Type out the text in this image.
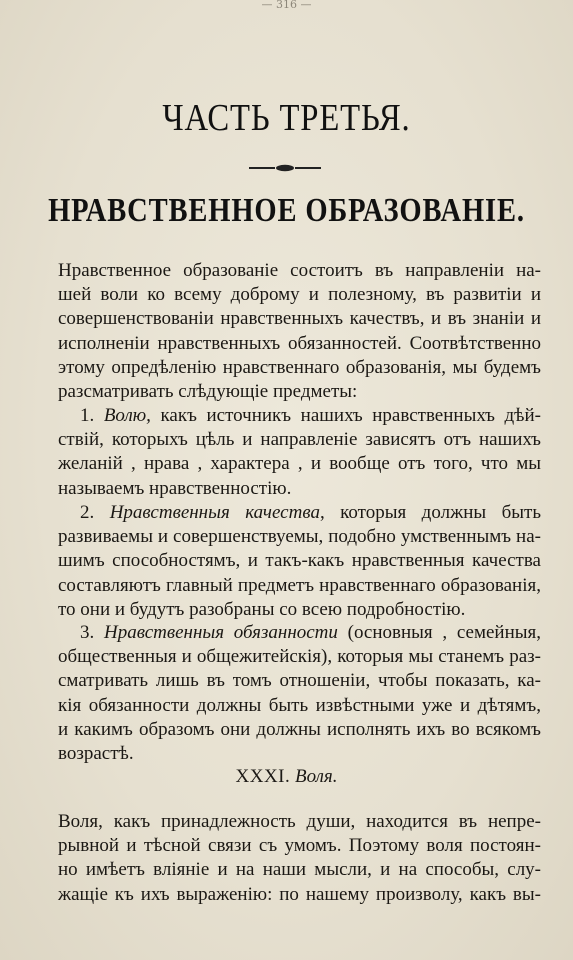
— 316 —
ЧАСТЬ ТРЕТЬЯ.
НРАВСТВЕННОЕ ОБРАЗОВАНІЕ.
Нравственное образованіе состоитъ въ направленіи на-
шей воли ко всему доброму и полезному, въ развитіи и
совершенствованіи нравственныхъ качествъ, и въ знаніи и
исполненіи нравственныхъ обязанностей. Соотвѣтственно
этому опредѣленію нравственнаго образованія, мы будемъ
разсматривать слѣдующіе предметы:
1. Волю, какъ источникъ нашихъ нравственныхъ дѣй-
ствій, которыхъ цѣль и направленіе зависятъ отъ нашихъ
желаній , нрава , характера , и вообще отъ того, что мы
называемъ нравственностію.
2. Нравственныя качества, которыя должны быть
развиваемы и совершенствуемы, подобно умственнымъ на-
шимъ способностямъ, и такъ-какъ нравственныя качества
составляютъ главный предметъ нравственнаго образованія,
то они и будутъ разобраны со всею подробностію.
3. Нравственныя обязанности (основныя , семейныя,
общественныя и общежитейскія), которыя мы станемъ раз-
сматривать лишь въ томъ отношеніи, чтобы показать, ка-
кія обязанности должны быть извѣстными уже и дѣтямъ,
и какимъ образомъ они должны исполнять ихъ во всякомъ
возрастѣ.
XXXI. Воля.
Воля, какъ принадлежность души, находится въ непре-
рывной и тѣсной связи съ умомъ. Поэтому воля постоян-
но имѣетъ вліяніе и на наши мысли, и на способы, слу-
жащіе къ ихъ выраженію: по нашему произволу, какъ вы-
